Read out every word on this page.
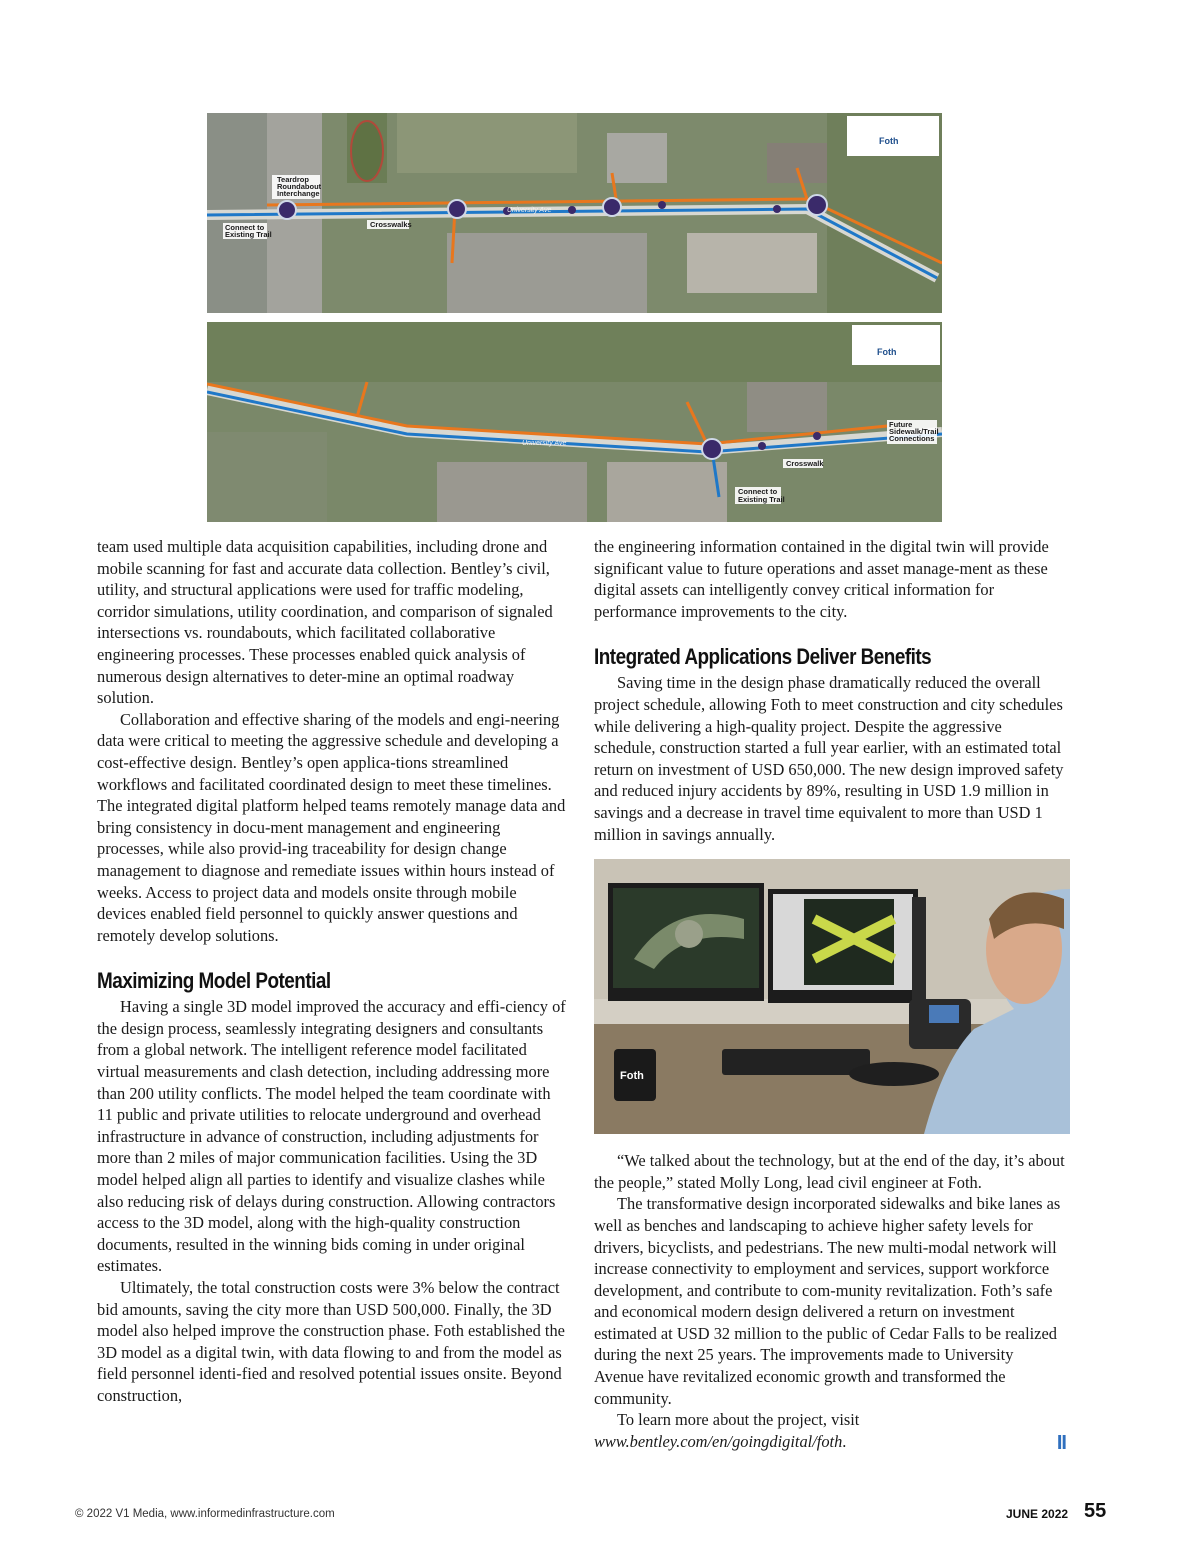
Teardrop
Roundabout
Interchange
Connect to
Existing Trail
Crosswalks
University Ave
Foth
Foth
Future
Sidewalk/Trail
Connections
Crosswalk
Connect to
Existing Trail
University Ave

team used multiple data acquisition capabilities, including drone and mobile scanning for fast and accurate data collection. Bentley’s civil, utility, and structural applications were used for traffic modeling, corridor simulations, utility coordination, and comparison of signaled intersections vs. roundabouts, which facilitated collaborative engineering processes. These processes enabled quick analysis of numerous design alternatives to deter-mine an optimal roadway solution.

Collaboration and effective sharing of the models and engi-neering data were critical to meeting the aggressive schedule and developing a cost-effective design. Bentley’s open applica-tions streamlined workflows and facilitated coordinated design to meet these timelines. The integrated digital platform helped teams remotely manage data and bring consistency in docu-ment management and engineering processes, while also provid-ing traceability for design change management to diagnose and remediate issues within hours instead of weeks. Access to project data and models onsite through mobile devices enabled field personnel to quickly answer questions and remotely develop solutions.

Maximizing Model Potential

Having a single 3D model improved the accuracy and effi-ciency of the design process, seamlessly integrating designers and consultants from a global network. The intelligent reference model facilitated virtual measurements and clash detection, including addressing more than 200 utility conflicts. The model helped the team coordinate with 11 public and private utilities to relocate underground and overhead infrastructure in advance of construction, including adjustments for more than 2 miles of major communication facilities. Using the 3D model helped align all parties to identify and visualize clashes while also reducing risk of delays during construction. Allowing contractors access to the 3D model, along with the high-quality construction documents, resulted in the winning bids coming in under original estimates.

Ultimately, the total construction costs were 3% below the contract bid amounts, saving the city more than USD 500,000. Finally, the 3D model also helped improve the construction phase. Foth established the 3D model as a digital twin, with data flowing to and from the model as field personnel identi-fied and resolved potential issues onsite. Beyond construction,

the engineering information contained in the digital twin will provide significant value to future operations and asset manage-ment as these digital assets can intelligently convey critical information for performance improvements to the city.

Integrated Applications Deliver Benefits

Saving time in the design phase dramatically reduced the overall project schedule, allowing Foth to meet construction and city schedules while delivering a high-quality project. Despite the aggressive schedule, construction started a full year earlier, with an estimated total return on investment of USD 650,000. The new design improved safety and reduced injury accidents by 89%, resulting in USD 1.9 million in savings and a decrease in travel time equivalent to more than USD 1 million in savings annually.

Foth

“We talked about the technology, but at the end of the day, it’s about the people,” stated Molly Long, lead civil engineer at Foth.

The transformative design incorporated sidewalks and bike lanes as well as benches and landscaping to achieve higher safety levels for drivers, bicyclists, and pedestrians. The new multi-modal network will increase connectivity to employment and services, support workforce development, and contribute to com-munity revitalization. Foth’s safe and economical modern design delivered a return on investment estimated at USD 32 million to the public of Cedar Falls to be realized during the next 25 years. The improvements made to University Avenue have revitalized economic growth and transformed the community.

To learn more about the project, visit www.bentley.com/en/goingdigital/foth.	II

© 2022 V1 Media, www.informedinfrastructure.com	JUNE 2022 55
